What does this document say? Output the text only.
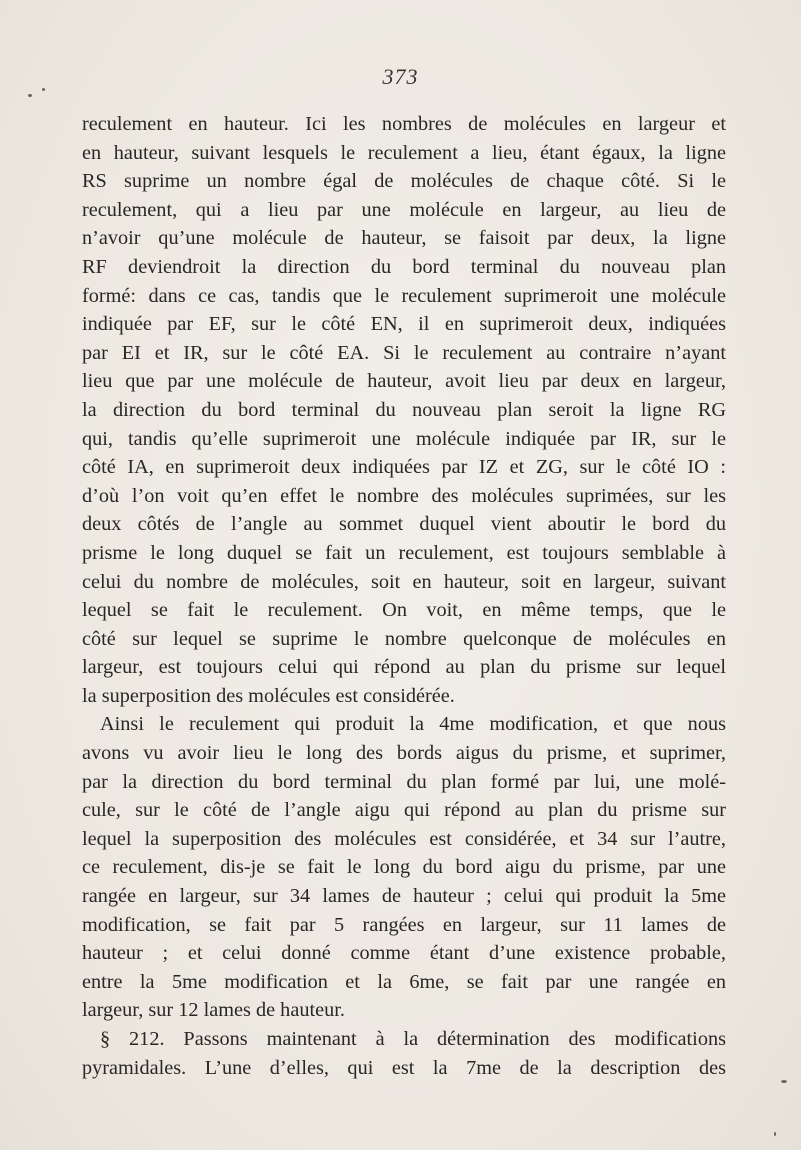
373
reculement en hauteur. Ici les nombres de molécules en largeur et
en hauteur, suivant lesquels le reculement a lieu, étant égaux, la ligne
RS suprime un nombre égal de molécules de chaque côté. Si le
reculement, qui a lieu par une molécule en largeur, au lieu de
n’avoir qu’une molécule de hauteur, se faisoit par deux, la ligne
RF deviendroit la direction du bord terminal du nouveau plan
formé: dans ce cas, tandis que le reculement suprimeroit une molécule
indiquée par EF, sur le côté EN, il en suprimeroit deux, indiquées
par EI et IR, sur le côté EA. Si le reculement au contraire n’ayant
lieu que par une molécule de hauteur, avoit lieu par deux en largeur,
la direction du bord terminal du nouveau plan seroit la ligne RG
qui, tandis qu’elle suprimeroit une molécule indiquée par IR, sur le
côté IA, en suprimeroit deux indiquées par IZ et ZG, sur le côté IO :
d’où l’on voit qu’en effet le nombre des molécules suprimées, sur les
deux côtés de l’angle au sommet duquel vient aboutir le bord du
prisme le long duquel se fait un reculement, est toujours semblable à
celui du nombre de molécules, soit en hauteur, soit en largeur, suivant
lequel se fait le reculement. On voit, en même temps, que le
côté sur lequel se suprime le nombre quelconque de molécules en
largeur, est toujours celui qui répond au plan du prisme sur lequel
la superposition des molécules est considérée.
Ainsi le reculement qui produit la 4me modification, et que nous
avons vu avoir lieu le long des bords aigus du prisme, et suprimer,
par la direction du bord terminal du plan formé par lui, une molé-
cule, sur le côté de l’angle aigu qui répond au plan du prisme sur
lequel la superposition des molécules est considérée, et 34 sur l’autre,
ce reculement, dis-je se fait le long du bord aigu du prisme, par une
rangée en largeur, sur 34 lames de hauteur ; celui qui produit la 5me
modification, se fait par 5 rangées en largeur, sur 11 lames de
hauteur ; et celui donné comme étant d’une existence probable,
entre la 5me modification et la 6me, se fait par une rangée en
largeur, sur 12 lames de hauteur.
§ 212. Passons maintenant à la détermination des modifications
pyramidales. L’une d’elles, qui est la 7me de la description des
